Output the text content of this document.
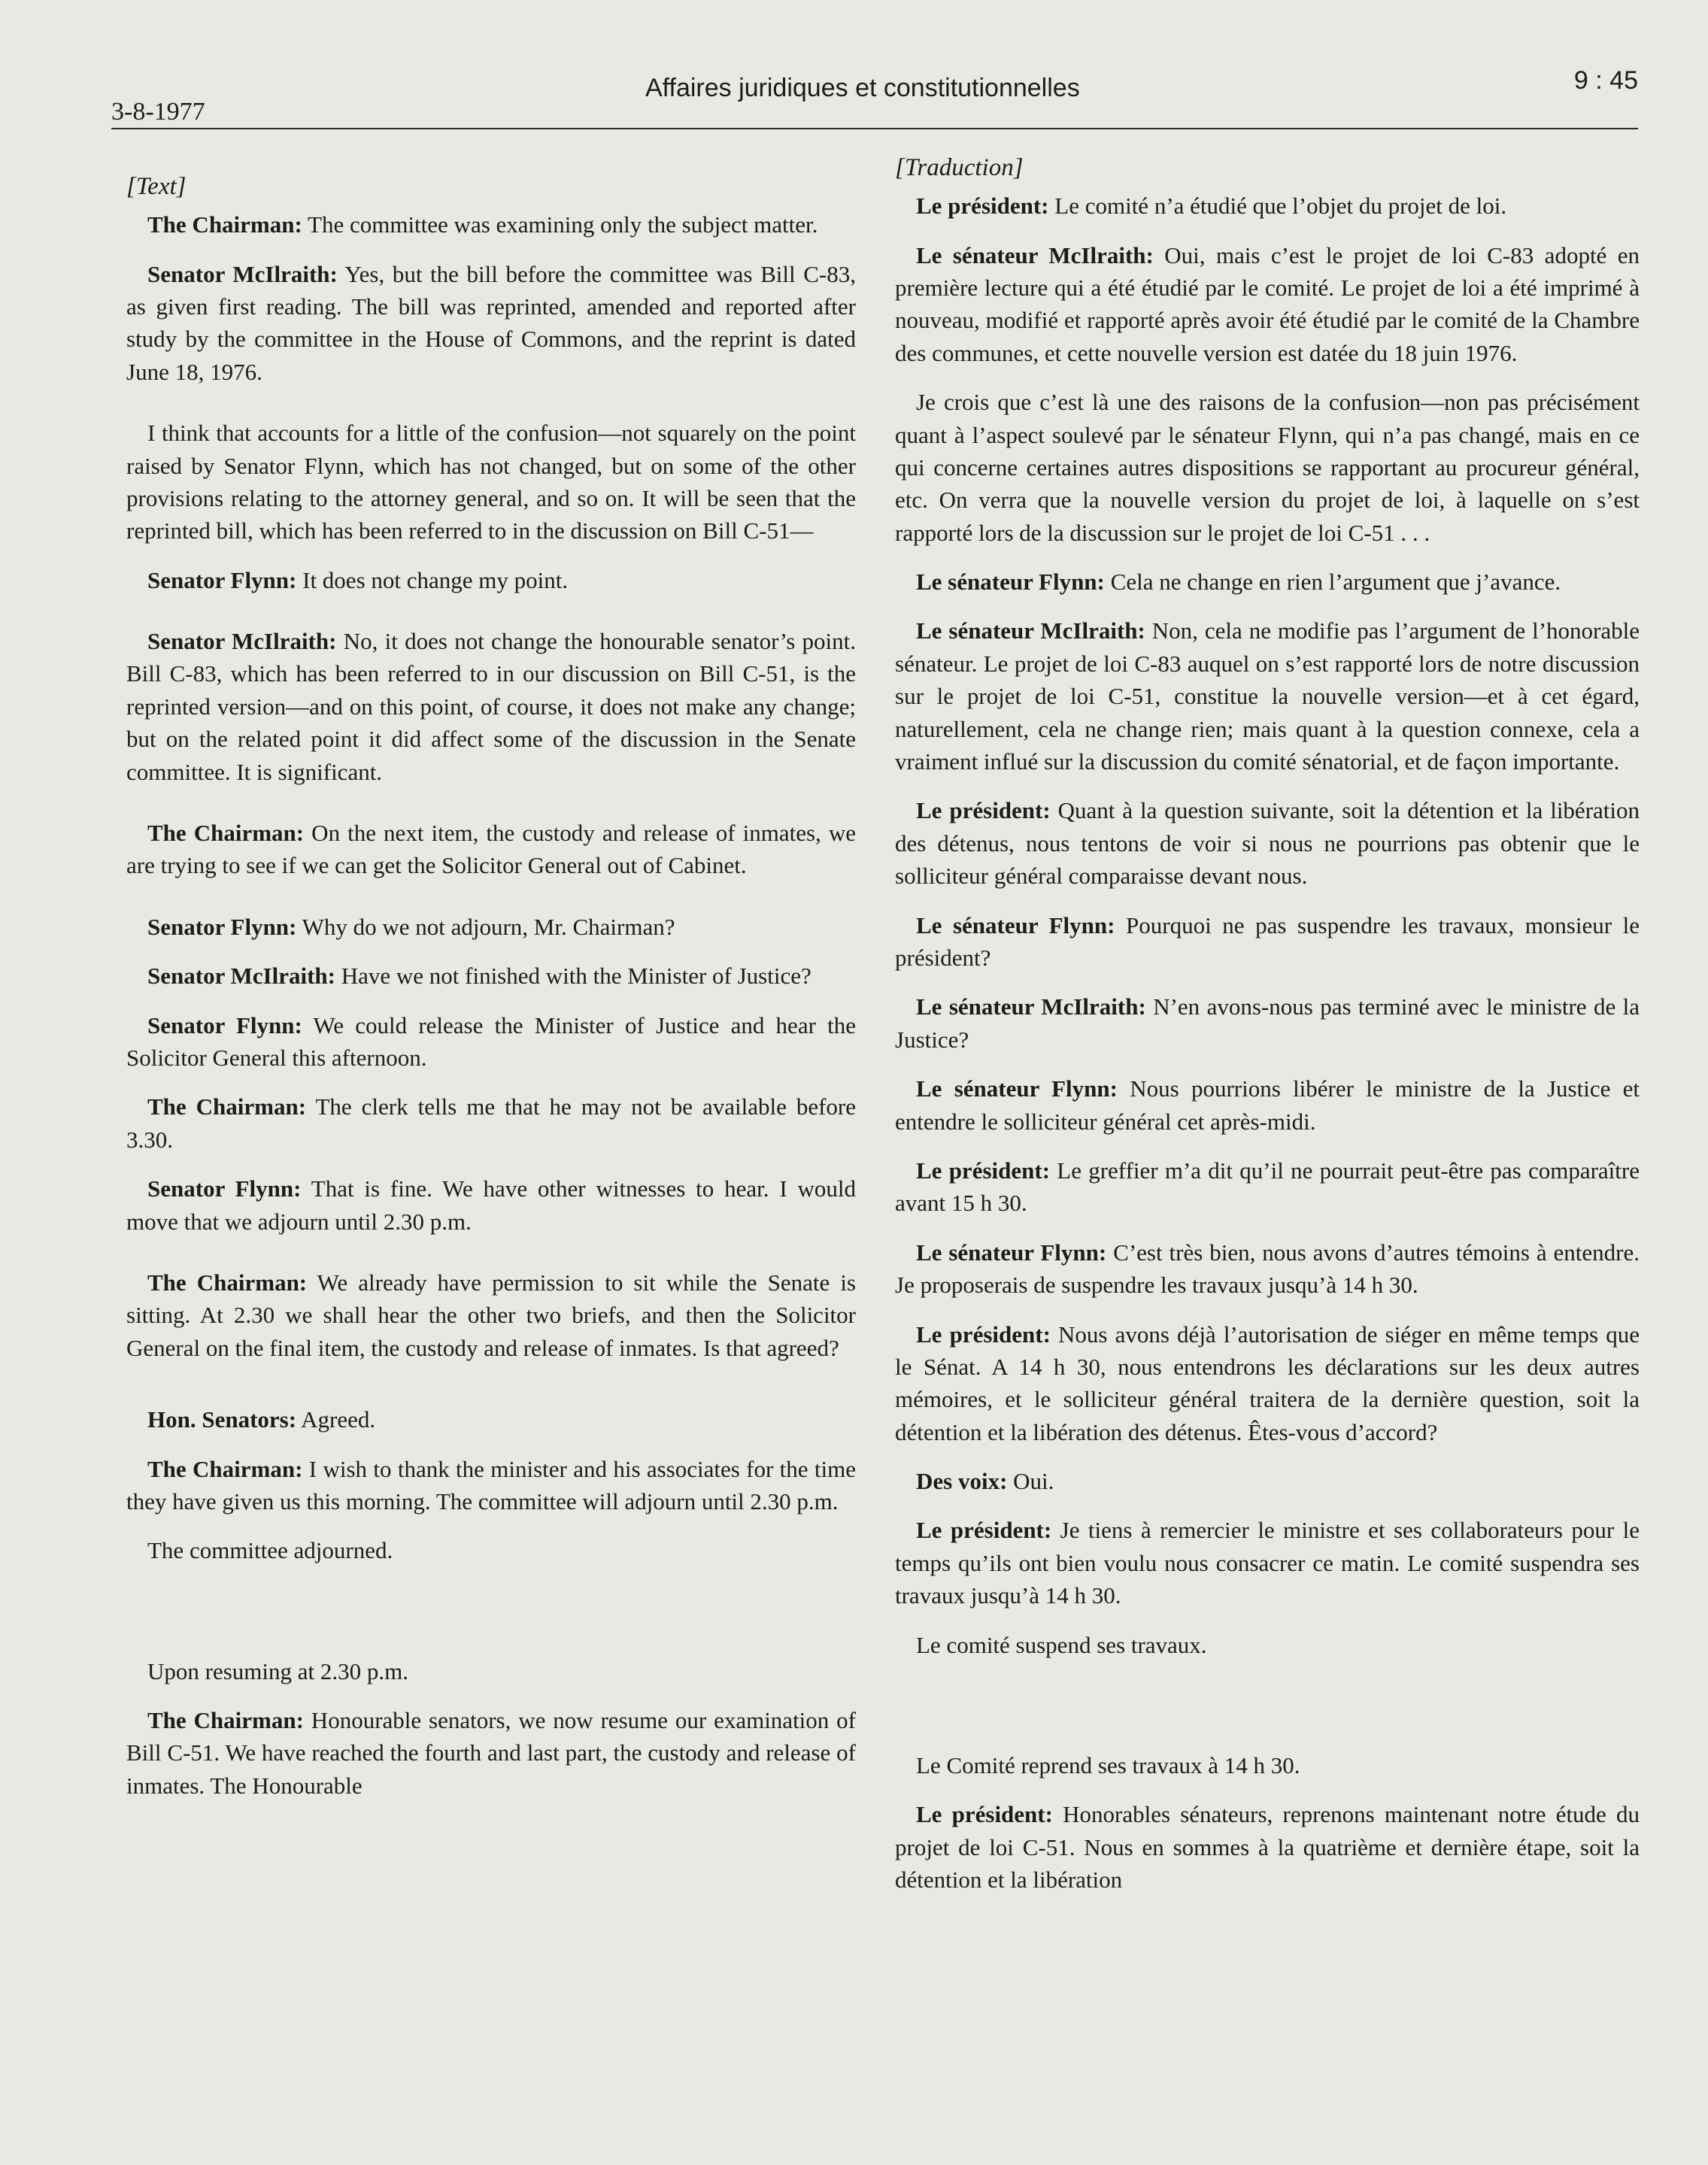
3-8-1977
Affaires juridiques et constitutionnelles	9 : 45
[Text]

The Chairman: The committee was examining only the subject matter.

Senator McIlraith: Yes, but the bill before the committee was Bill C-83, as given first reading. The bill was reprinted, amended and reported after study by the committee in the House of Commons, and the reprint is dated June 18, 1976.

I think that accounts for a little of the confusion—not squarely on the point raised by Senator Flynn, which has not changed, but on some of the other provisions relating to the attorney general, and so on. It will be seen that the reprinted bill, which has been referred to in the discussion on Bill C-51—

Senator Flynn: It does not change my point.

Senator McIlraith: No, it does not change the honourable senator’s point. Bill C-83, which has been referred to in our discussion on Bill C-51, is the reprinted version—and on this point, of course, it does not make any change; but on the related point it did affect some of the discussion in the Senate committee. It is significant.

The Chairman: On the next item, the custody and release of inmates, we are trying to see if we can get the Solicitor General out of Cabinet.

Senator Flynn: Why do we not adjourn, Mr. Chairman?

Senator McIlraith: Have we not finished with the Minister of Justice?

Senator Flynn: We could release the Minister of Justice and hear the Solicitor General this afternoon.

The Chairman: The clerk tells me that he may not be available before 3.30.

Senator Flynn: That is fine. We have other witnesses to hear. I would move that we adjourn until 2.30 p.m.

The Chairman: We already have permission to sit while the Senate is sitting. At 2.30 we shall hear the other two briefs, and then the Solicitor General on the final item, the custody and release of inmates. Is that agreed?

Hon. Senators: Agreed.

The Chairman: I wish to thank the minister and his associates for the time they have given us this morning. The committee will adjourn until 2.30 p.m.

The committee adjourned.

Upon resuming at 2.30 p.m.

The Chairman: Honourable senators, we now resume our examination of Bill C-51. We have reached the fourth and last part, the custody and release of inmates. The Honourable

[Traduction]

Le président: Le comité n’a étudié que l’objet du projet de loi.

Le sénateur McIlraith: Oui, mais c’est le projet de loi C-83 adopté en première lecture qui a été étudié par le comité. Le projet de loi a été imprimé à nouveau, modifié et rapporté après avoir été étudié par le comité de la Chambre des communes, et cette nouvelle version est datée du 18 juin 1976.

Je crois que c’est là une des raisons de la confusion—non pas précisément quant à l’aspect soulevé par le sénateur Flynn, qui n’a pas changé, mais en ce qui concerne certaines autres dispositions se rapportant au procureur général, etc. On verra que la nouvelle version du projet de loi, à laquelle on s’est rapporté lors de la discussion sur le projet de loi C-51 . . .

Le sénateur Flynn: Cela ne change en rien l’argument que j’avance.

Le sénateur McIlraith: Non, cela ne modifie pas l’argument de l’honorable sénateur. Le projet de loi C-83 auquel on s’est rapporté lors de notre discussion sur le projet de loi C-51, constitue la nouvelle version—et à cet égard, naturellement, cela ne change rien; mais quant à la question connexe, cela a vraiment influé sur la discussion du comité sénatorial, et de façon importante.

Le président: Quant à la question suivante, soit la détention et la libération des détenus, nous tentons de voir si nous ne pourrions pas obtenir que le solliciteur général comparaisse devant nous.

Le sénateur Flynn: Pourquoi ne pas suspendre les travaux, monsieur le président?

Le sénateur McIlraith: N’en avons-nous pas terminé avec le ministre de la Justice?

Le sénateur Flynn: Nous pourrions libérer le ministre de la Justice et entendre le solliciteur général cet après-midi.

Le président: Le greffier m’a dit qu’il ne pourrait peut-être pas comparaître avant 15 h 30.

Le sénateur Flynn: C’est très bien, nous avons d’autres témoins à entendre. Je proposerais de suspendre les travaux jusqu’à 14 h 30.

Le président: Nous avons déjà l’autorisation de siéger en même temps que le Sénat. A 14 h 30, nous entendrons les déclarations sur les deux autres mémoires, et le solliciteur général traitera de la dernière question, soit la détention et la libération des détenus. Êtes-vous d’accord?

Des voix: Oui.

Le président: Je tiens à remercier le ministre et ses collaborateurs pour le temps qu’ils ont bien voulu nous consacrer ce matin. Le comité suspendra ses travaux jusqu’à 14 h 30.

Le comité suspend ses travaux.

Le Comité reprend ses travaux à 14 h 30.

Le président: Honorables sénateurs, reprenons maintenant notre étude du projet de loi C-51. Nous en sommes à la quatrième et dernière étape, soit la détention et la libération
